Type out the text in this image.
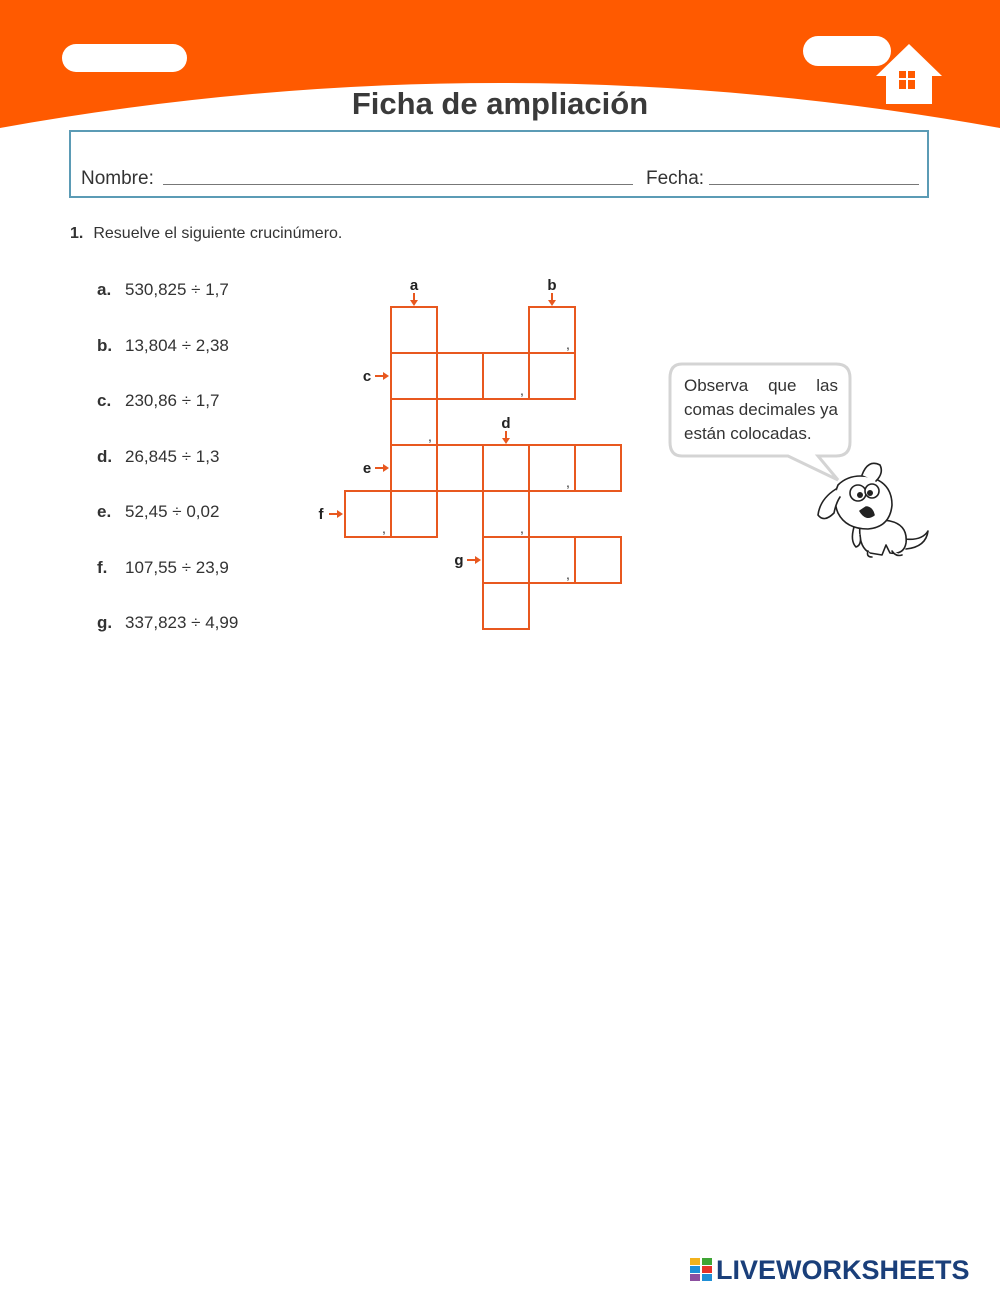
Ficha de ampliación
Nombre:	Fecha:
1. Resuelve el siguiente crucinúmero.
a. 530,825 ÷ 1,7
b. 13,804 ÷ 2,38
c. 230,86 ÷ 1,7
d. 26,845 ÷ 1,3
e. 52,45 ÷ 0,02
f. 107,55 ÷ 23,9
g. 337,823 ÷ 4,99
,
,
,
,
,	,
,
a	b
c
d
e
f
g
Observa que las comas decimales ya están colocadas.
LIVEWORKSHEETS
